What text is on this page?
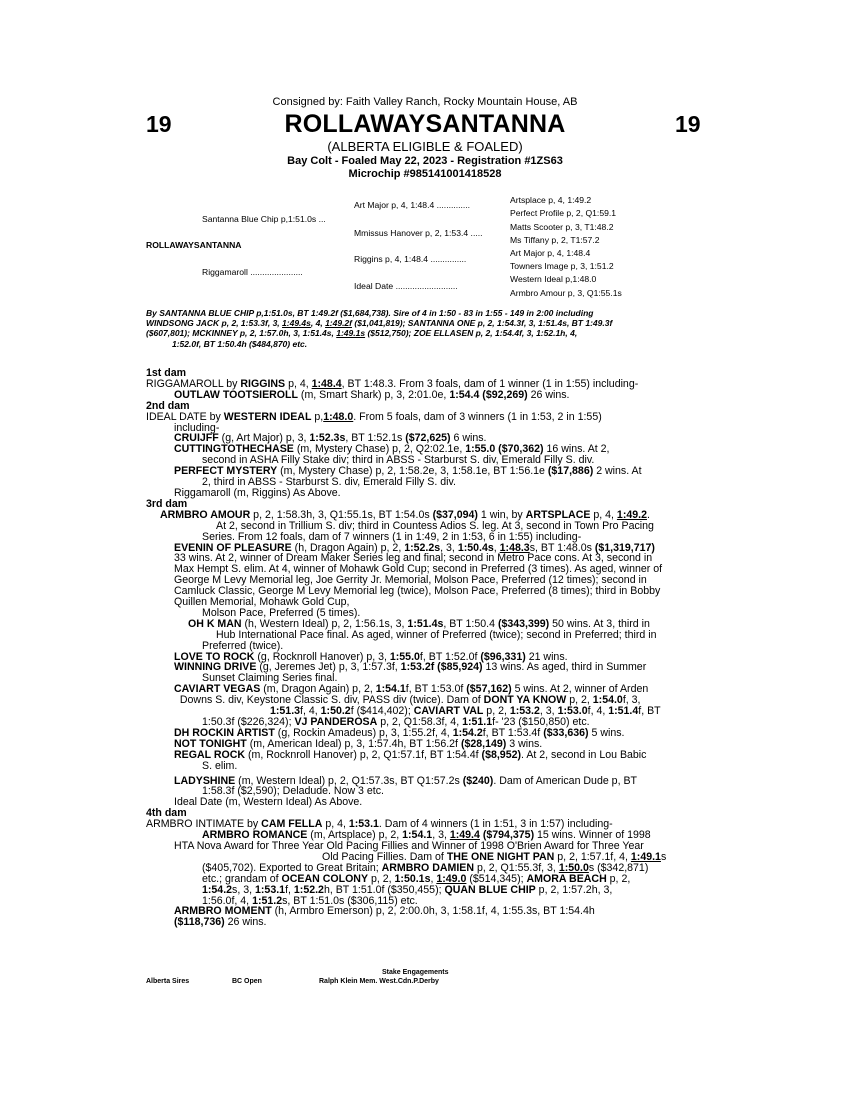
Consigned by: Faith Valley Ranch, Rocky Mountain House, AB
19	19
ROLLAWAYSANTANNA
(ALBERTA ELIGIBLE & FOALED)
Bay Colt - Foaled May 22, 2023 - Registration #1ZS63
Microchip #985141001418528
ROLLAWAYSANTANNA
Santanna Blue Chip p,1:51.0s ...
Riggamaroll ......................
Art Major p, 4, 1:48.4 ..............
Mmissus Hanover p, 2, 1:53.4 .....
Riggins p, 4, 1:48.4 ...............
Ideal Date ..........................
Artsplace p, 4, 1:49.2
Perfect Profile p, 2, Q1:59.1
Matts Scooter p, 3, T1:48.2
Ms Tiffany p, 2, T1:57.2
Art Major p, 4, 1:48.4
Towners Image p, 3, 1:51.2
Western Ideal p,1:48.0
Armbro Amour p, 3, Q1:55.1s
By SANTANNA BLUE CHIP p,1:51.0s, BT 1:49.2f ($1,684,738). Sire of 4 in 1:50 - 83 in 1:55 - 149 in 2:00 including
WINDSONG JACK p, 2, 1:53.3f, 3, 1:49.4s, 4, 1:49.2f ($1,041,819); SANTANNA ONE p, 2, 1:54.3f, 3, 1:51.4s, BT 1:49.3f
($607,801); MCKINNEY p, 2, 1:57.0h, 3, 1:51.4s, 1:49.1s ($512,750); ZOE ELLASEN p, 2, 1:54.4f, 3, 1:52.1h, 4,
1:52.0f, BT 1:50.4h ($484,870) etc.
1st dam
RIGGAMAROLL by RIGGINS p, 4, 1:48.4, BT 1:48.3. From 3 foals, dam of 1 winner (1 in 1:55) including-
OUTLAW TOOTSIEROLL (m, Smart Shark) p, 3, 2:01.0e, 1:54.4 ($92,269) 26 wins.
2nd dam
IDEAL DATE by WESTERN IDEAL p,1:48.0. From 5 foals, dam of 3 winners (1 in 1:53, 2 in 1:55)
including-
CRUIJFF (g, Art Major) p, 3, 1:52.3s, BT 1:52.1s ($72,625) 6 wins.
CUTTINGTOTHECHASE (m, Mystery Chase) p, 2, Q2:02.1e, 1:55.0 ($70,362) 16 wins. At 2,
second in ASHA Filly Stake div; third in ABSS - Starburst S. div, Emerald Filly S. div.
PERFECT MYSTERY (m, Mystery Chase) p, 2, 1:58.2e, 3, 1:58.1e, BT 1:56.1e ($17,886) 2 wins. At
2, third in ABSS - Starburst S. div, Emerald Filly S. div.
Riggamaroll (m, Riggins) As Above.
3rd dam
ARMBRO AMOUR p, 2, 1:58.3h, 3, Q1:55.1s, BT 1:54.0s ($37,094) 1 win, by ARTSPLACE p, 4, 1:49.2.
At 2, second in Trillium S. div; third in Countess Adios S. leg. At 3, second in Town Pro Pacing
Series. From 12 foals, dam of 7 winners (1 in 1:49, 2 in 1:53, 6 in 1:55) including-
EVENIN OF PLEASURE (h, Dragon Again) p, 2, 1:52.2s, 3, 1:50.4s, 1:48.3s, BT 1:48.0s ($1,319,717)
33 wins. At 2, winner of Dream Maker Series leg and final; second in Metro Pace cons. At 3, second in
Max Hempt S. elim. At 4, winner of Mohawk Gold Cup; second in Preferred (3 times). As aged, winner of
George M Levy Memorial leg, Joe Gerrity Jr. Memorial, Molson Pace, Preferred (12 times); second in
Camluck Classic, George M Levy Memorial leg (twice), Molson Pace, Preferred (8 times); third in Bobby
Quillen Memorial, Mohawk Gold Cup,
Molson Pace, Preferred (5 times).
OH K MAN (h, Western Ideal) p, 2, 1:56.1s, 3, 1:51.4s, BT 1:50.4 ($343,399) 50 wins. At 3, third in
Hub International Pace final. As aged, winner of Preferred (twice); second in Preferred; third in
Preferred (twice).
LOVE TO ROCK (g, Rocknroll Hanover) p, 3, 1:55.0f, BT 1:52.0f ($96,331) 21 wins.
WINNING DRIVE (g, Jeremes Jet) p, 3, 1:57.3f, 1:53.2f ($85,924) 13 wins. As aged, third in Summer
Sunset Claiming Series final.
CAVIART VEGAS (m, Dragon Again) p, 2, 1:54.1f, BT 1:53.0f ($57,162) 5 wins. At 2, winner of Arden
Downs S. div, Keystone Classic S. div, PASS div (twice). Dam of DONT YA KNOW p, 2, 1:54.0f, 3,
1:51.3f, 4, 1:50.2f ($414,402); CAVIART VAL p, 2, 1:53.2, 3, 1:53.0f, 4, 1:51.4f, BT
1:50.3f ($226,324); VJ PANDEROSA p, 2, Q1:58.3f, 4, 1:51.1f- '23 ($150,850) etc.
DH ROCKIN ARTIST (g, Rockin Amadeus) p, 3, 1:55.2f, 4, 1:54.2f, BT 1:53.4f ($33,636) 5 wins.
NOT TONIGHT (m, American Ideal) p, 3, 1:57.4h, BT 1:56.2f ($28,149) 3 wins.
REGAL ROCK (m, Rocknroll Hanover) p, 2, Q1:57.1f, BT 1:54.4f ($8,952). At 2, second in Lou Babic
S. elim.
LADYSHINE (m, Western Ideal) p, 2, Q1:57.3s, BT Q1:57.2s ($240). Dam of American Dude p, BT
1:58.3f ($2,590); Deladude. Now 3 etc.
Ideal Date (m, Western Ideal) As Above.
4th dam
ARMBRO INTIMATE by CAM FELLA p, 4, 1:53.1. Dam of 4 winners (1 in 1:51, 3 in 1:57) including-
ARMBRO ROMANCE (m, Artsplace) p, 2, 1:54.1, 3, 1:49.4 ($794,375) 15 wins. Winner of 1998
HTA Nova Award for Three Year Old Pacing Fillies and Winner of 1998 O'Brien Award for Three Year
Old Pacing Fillies. Dam of THE ONE NIGHT PAN p, 2, 1:57.1f, 4, 1:49.1s
($405,702). Exported to Great Britain; ARMBRO DAMIEN p, 2, Q1:55.3f, 3, 1:50.0s ($342,871)
etc.; grandam of OCEAN COLONY p, 2, 1:50.1s, 1:49.0 ($514,345); AMORA BEACH p, 2,
1:54.2s, 3, 1:53.1f, 1:52.2h, BT 1:51.0f ($350,455); QUAN BLUE CHIP p, 2, 1:57.2h, 3,
1:56.0f, 4, 1:51.2s, BT 1:51.0s ($306,115) etc.
ARMBRO MOMENT (h, Armbro Emerson) p, 2, 2:00.0h, 3, 1:58.1f, 4, 1:55.3s, BT 1:54.4h
($118,736) 26 wins.
Stake Engagements
Alberta Sires	BC Open	Ralph Klein Mem. West.Cdn.P.Derby
